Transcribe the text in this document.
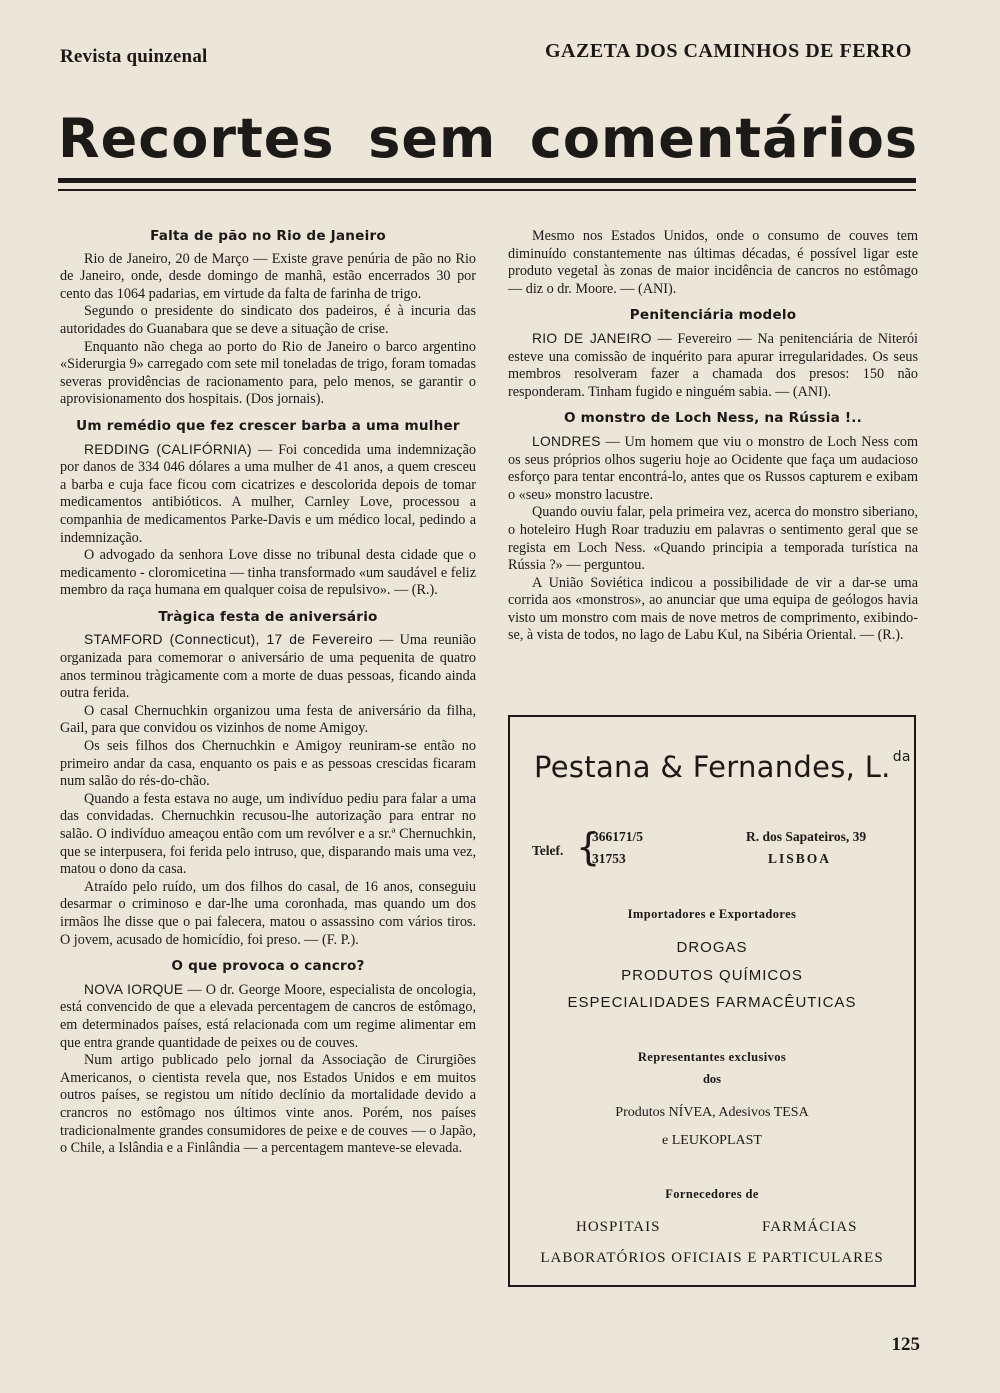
Revista quinzenal	GAZETA DOS CAMINHOS DE FERRO
Recortes sem comentários
Falta de pão no Rio de Janeiro

Rio de Janeiro, 20 de Março — Existe grave penúria de pão no Rio de Janeiro, onde, desde domingo de manhã, estão encerrados 30 por cento das 1064 padarias, em virtude da falta de farinha de trigo.

Segundo o presidente do sindicato dos padeiros, é à incuria das autoridades do Guanabara que se deve a situação de crise.

Enquanto não chega ao porto do Rio de Janeiro o barco argentino «Siderurgia 9» carregado com sete mil toneladas de trigo, foram tomadas severas providências de racionamento para, pelo menos, se garantir o aprovisionamento dos hospitais. (Dos jornais).

Um remédio que fez crescer barba a uma mulher

REDDING (CALIFÓRNIA) — Foi concedida uma indemnização por danos de 334 046 dólares a uma mulher de 41 anos, a quem cresceu a barba e cuja face ficou com cicatrizes e descolorida depois de tomar medicamentos antibióticos. A mulher, Carnley Love, processou a companhia de medicamentos Parke-Davis e um médico local, pedindo a indemnização.

O advogado da senhora Love disse no tribunal desta cidade que o medicamento - cloromicetina — tinha transformado «um saudável e feliz membro da raça humana em qualquer coisa de repulsivo». — (R.).

Tràgica festa de aniversário

STAMFORD (Connecticut), 17 de Fevereiro — Uma reunião organizada para comemorar o aniversário de uma pequenita de quatro anos terminou tràgicamente com a morte de duas pessoas, ficando ainda outra ferida.

O casal Chernuchkin organizou uma festa de aniversário da filha, Gail, para que convidou os vizinhos de nome Amigoy.

Os seis filhos dos Chernuchkin e Amigoy reuniram-se então no primeiro andar da casa, enquanto os pais e as pessoas crescidas ficaram num salão do rés-do-chão.

Quando a festa estava no auge, um indivíduo pediu para falar a uma das convidadas. Chernuchkin recusou-lhe autorização para entrar no salão. O indivíduo ameaçou então com um revólver e a sr.ª Chernuchkin, que se interpusera, foi ferida pelo intruso, que, disparando mais uma vez, matou o dono da casa.

Atraído pelo ruído, um dos filhos do casal, de 16 anos, conseguiu desarmar o criminoso e dar-lhe uma coronhada, mas quando um dos irmãos lhe disse que o pai falecera, matou o assassino com vários tiros. O jovem, acusado de homicídio, foi preso. — (F. P.).

O que provoca o cancro?

NOVA IORQUE — O dr. George Moore, especialista de oncologia, está convencido de que a elevada percentagem de cancros de estômago, em determinados países, está relacionada com um regime alimentar em que entra grande quantidade de peixes ou de couves.

Num artigo publicado pelo jornal da Associação de Cirurgiões Americanos, o cientista revela que, nos Estados Unidos e em muitos outros países, se registou um nítido declínio da mortalidade devido a crancros no estômago nos últimos vinte anos. Porém, nos países tradicionalmente grandes consumidores de peixe e de couves — o Japão, o Chile, a Islândia e a Finlândia — a percentagem manteve-se elevada.

Mesmo nos Estados Unidos, onde o consumo de couves tem diminuído constantemente nas últimas décadas, é possível ligar este produto vegetal às zonas de maior incidência de cancros no estômago — diz o dr. Moore. — (ANI).

Penitenciária modelo

RIO DE JANEIRO — Fevereiro — Na penitenciária de Niterói esteve una comissão de inquérito para apurar irregularidades. Os seus membros resolveram fazer a chamada dos presos: 150 não responderam. Tinham fugido e ninguém sabia. — (ANI).

O monstro de Loch Ness, na Rússia !..

LONDRES — Um homem que viu o monstro de Loch Ness com os seus próprios olhos sugeriu hoje ao Ocidente que faça um audacioso esforço para tentar encontrá-lo, antes que os Russos capturem e exibam o «seu» monstro lacustre.

Quando ouviu falar, pela primeira vez, acerca do monstro siberiano, o hoteleiro Hugh Roar traduziu em palavras o sentimento geral que se regista em Loch Ness. «Quando principia a temporada turística na Rússia ?» — perguntou.

A União Soviética indicou a possibilidade de vir a dar-se uma corrida aos «monstros», ao anunciar que uma equipa de geólogos havia visto um monstro com mais de nove metros de comprimento, exibindo-se, à vista de todos, no lago de Labu Kul, na Sibéria Oriental. — (R.).

Pestana & Fernandes, L. $^{da}$
Telef. {
366171/5
31753
R. dos Sapateiros, 39
LISBOA
Importadores e Exportadores
DROGAS
PRODUTOS QUÍMICOS
ESPECIALIDADES FARMACÊUTICAS
Representantes exclusivos
dos
Produtos NÍVEA, Adesivos TESA
e LEUKOPLAST
Fornecedores de
HOSPITAIS	FARMÁCIAS
LABORATÓRIOS OFICIAIS E PARTICULARES
125
